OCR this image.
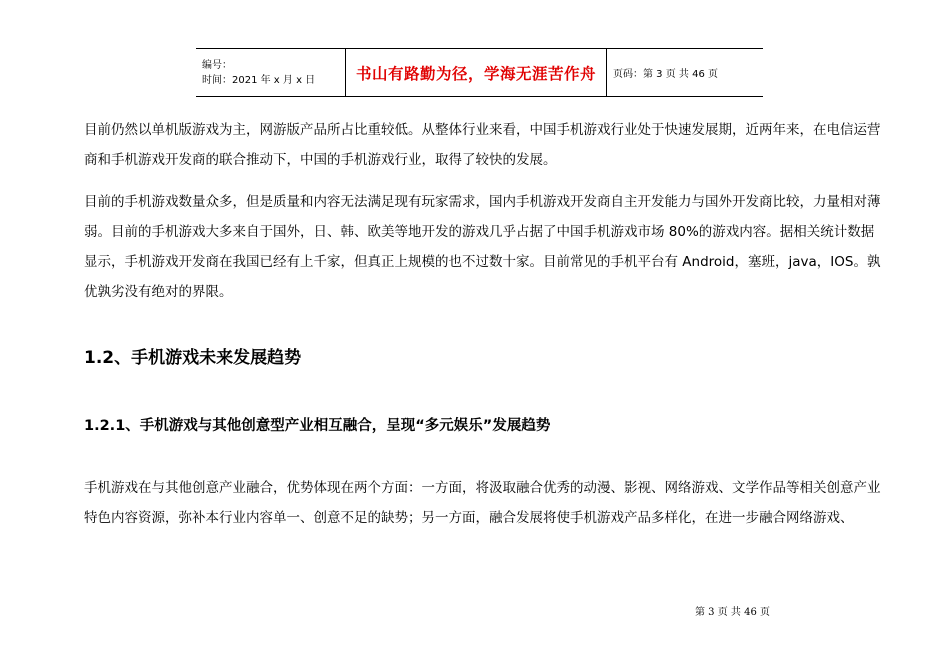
编号：
时间：2021 年 x 月 x 日	书山有路勤为径，学海无涯苦作舟	页码：第 3 页 共 46 页
目前仍然以单机版游戏为主，网游版产品所占比重较低。从整体行业来看，中国手机游戏行业处于快速发展期，近两年来，在电信运营商和手机游戏开发商的联合推动下，中国的手机游戏行业，取得了较快的发展。
目前的手机游戏数量众多，但是质量和内容无法满足现有玩家需求，国内手机游戏开发商自主开发能力与国外开发商比较，力量相对薄弱。目前的手机游戏大多来自于国外，日、韩、欧美等地开发的游戏几乎占据了中国手机游戏市场 80%的游戏内容。据相关统计数据显示，手机游戏开发商在我国已经有上千家，但真正上规模的也不过数十家。目前常见的手机平台有 Android，塞班，java，IOS。孰优孰劣没有绝对的界限。
1.2、手机游戏未来发展趋势
1.2.1、手机游戏与其他创意型产业相互融合，呈现“多元娱乐”发展趋势
手机游戏在与其他创意产业融合，优势体现在两个方面：一方面，将汲取融合优秀的动漫、影视、网络游戏、文学作品等相关创意产业特色内容资源，弥补本行业内容单一、创意不足的缺势；另一方面，融合发展将使手机游戏产品多样化，在进一步融合网络游戏、
第 3 页 共 46 页
